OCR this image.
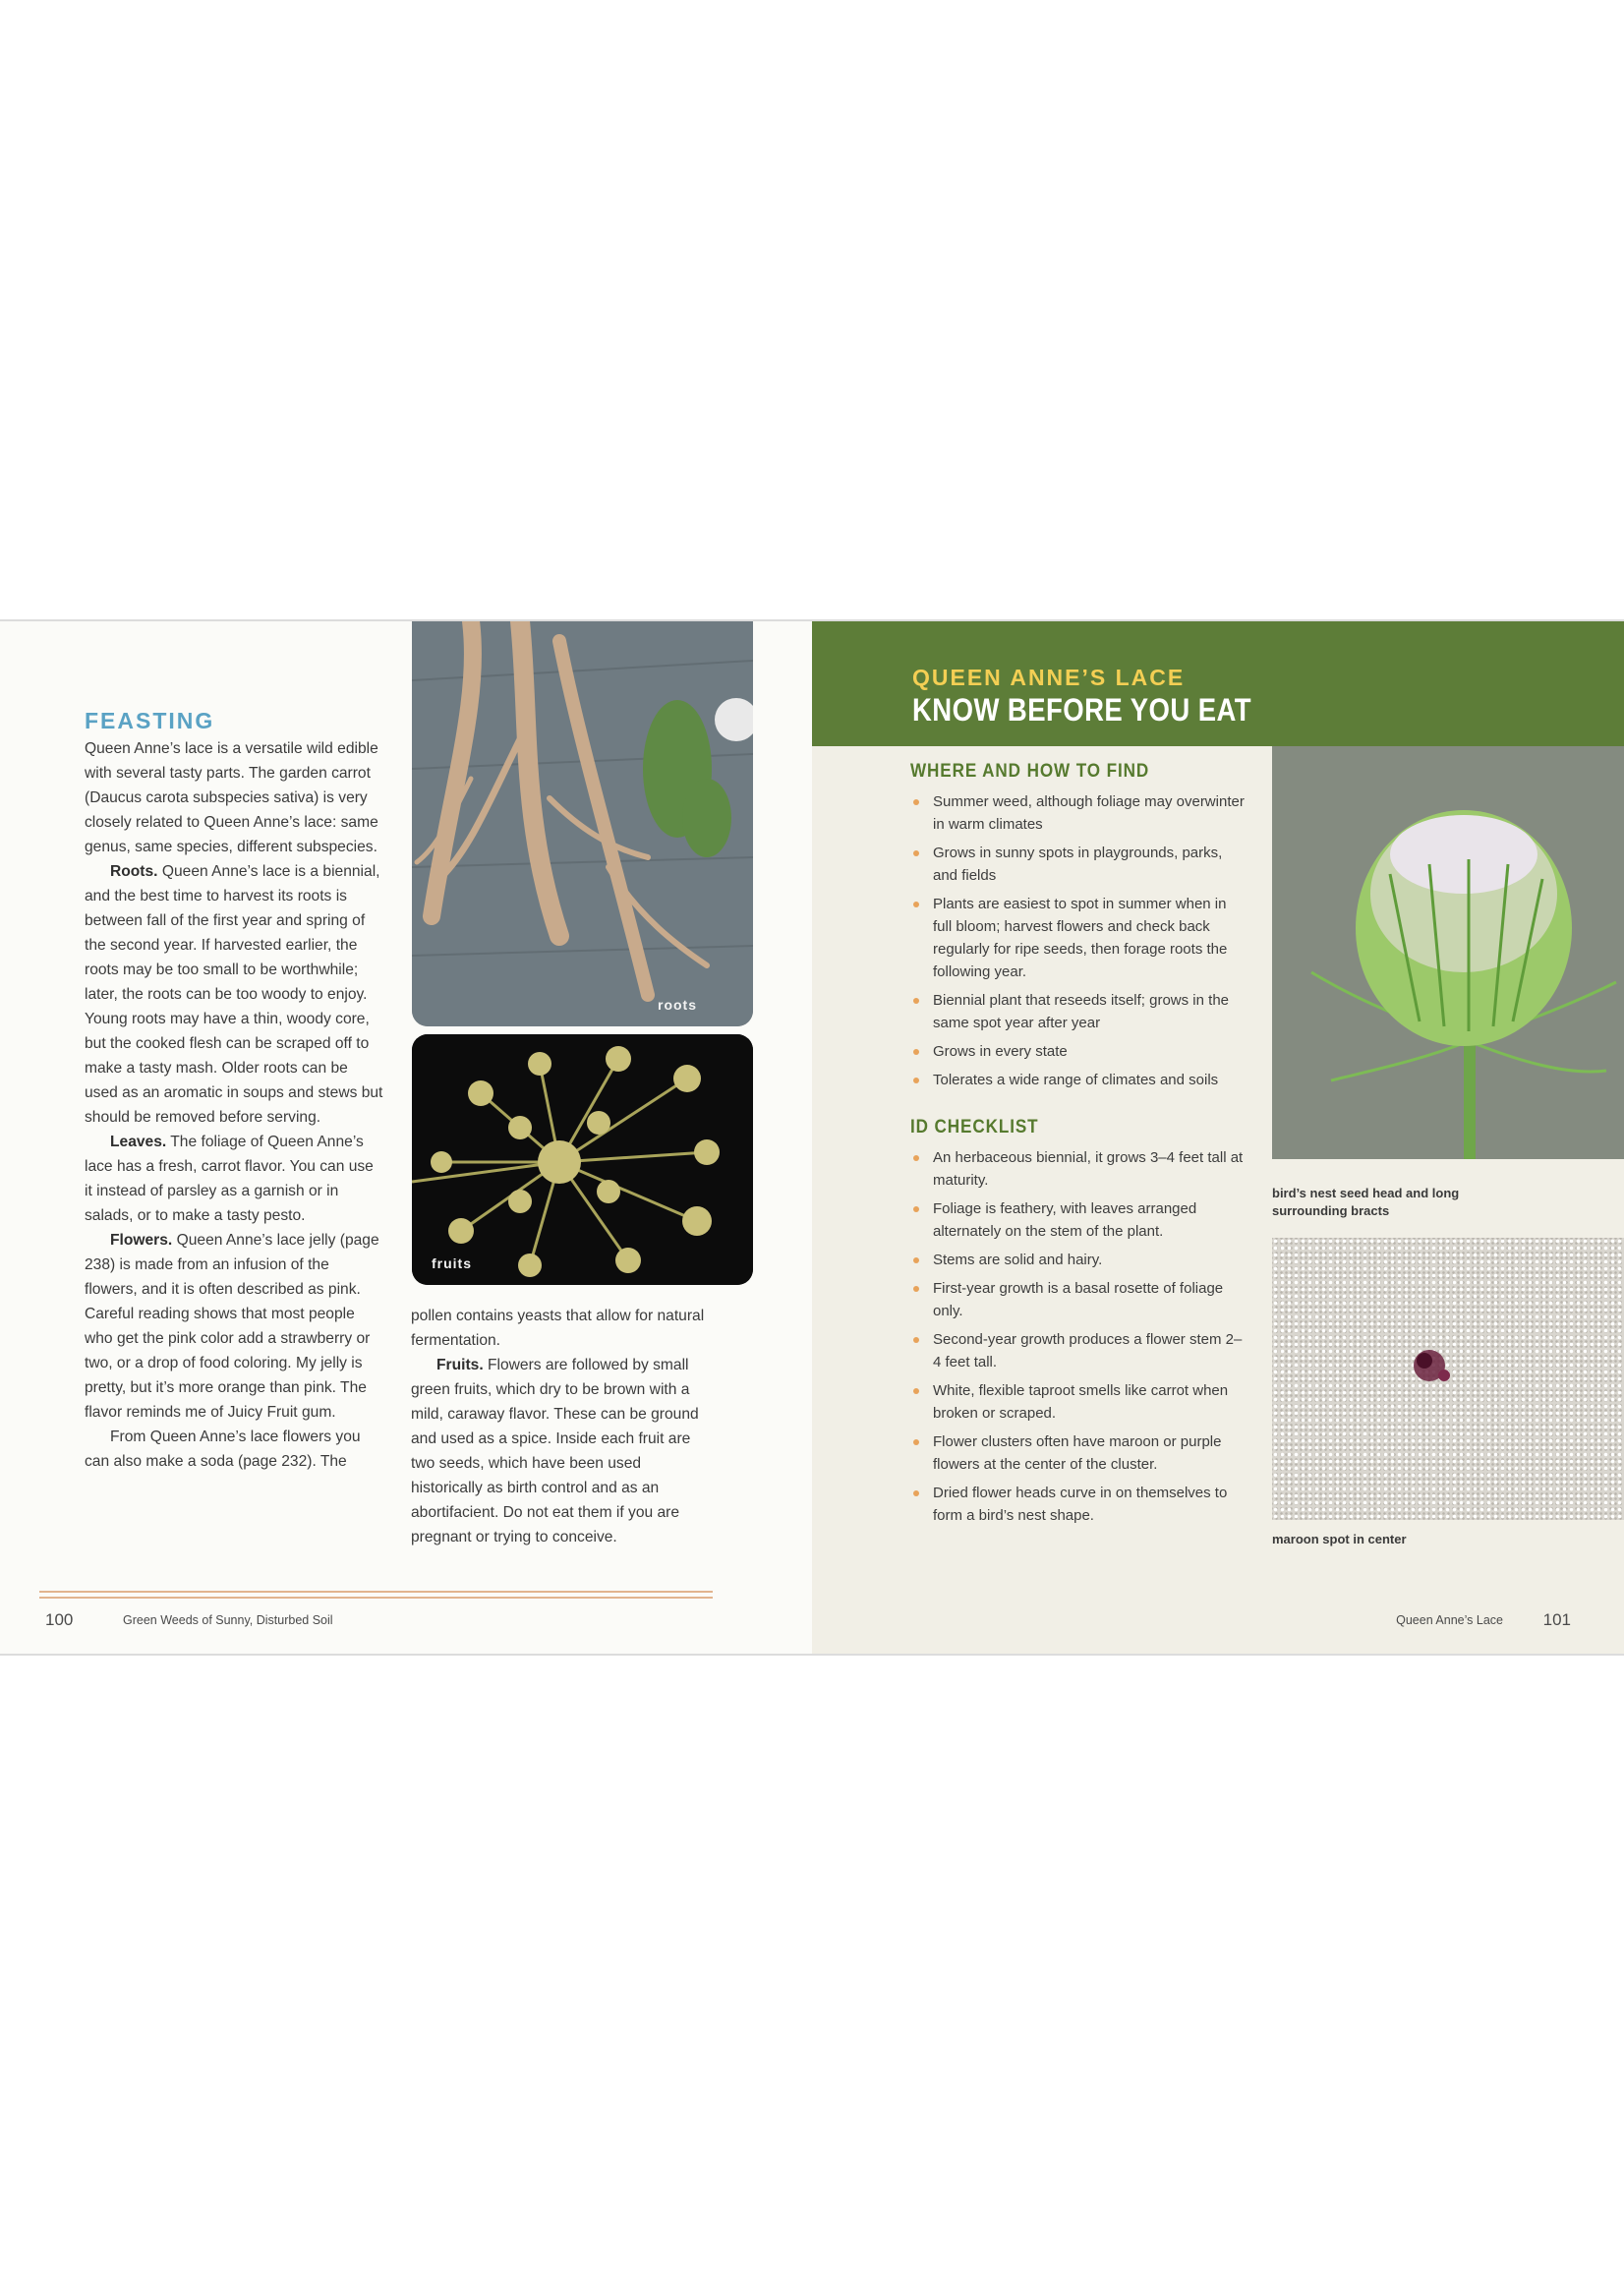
FEASTING

Queen Anne’s lace is a versatile wild edible with several tasty parts. The garden carrot (Daucus carota subspecies sativa) is very closely related to Queen Anne’s lace: same genus, same species, different subspecies.

Roots. Queen Anne’s lace is a biennial, and the best time to harvest its roots is between fall of the first year and spring of the second year. If harvested earlier, the roots may be too small to be worthwhile; later, the roots can be too woody to enjoy. Young roots may have a thin, woody core, but the cooked flesh can be scraped off to make a tasty mash. Older roots can be used as an aromatic in soups and stews but should be removed before serving.

Leaves. The foliage of Queen Anne’s lace has a fresh, carrot flavor. You can use it instead of parsley as a garnish or in salads, or to make a tasty pesto.

Flowers. Queen Anne’s lace jelly (page 238) is made from an infusion of the flowers, and it is often described as pink. Careful reading shows that most people who get the pink color add a strawberry or two, or a drop of food coloring. My jelly is pretty, but it’s more orange than pink. The flavor reminds me of Juicy Fruit gum.

From Queen Anne’s lace flowers you can also make a soda (page 232). The

roots
fruits

pollen contains yeasts that allow for natural fermentation.

Fruits. Flowers are followed by small green fruits, which dry to be brown with a mild, caraway flavor. These can be ground and used as a spice. Inside each fruit are two seeds, which have been used historically as birth control and as an abortifacient. Do not eat them if you are pregnant or trying to conceive.

100	Green Weeds of Sunny, Disturbed Soil
QUEEN ANNE’S LACE
KNOW BEFORE YOU EAT
WHERE AND HOW TO FIND
Summer weed, although foliage may overwinter in warm climates
Grows in sunny spots in playgrounds, parks, and fields
Plants are easiest to spot in summer when in full bloom; harvest flowers and check back regularly for ripe seeds, then forage roots the following year.
Biennial plant that reseeds itself; grows in the same spot year after year
Grows in every state
Tolerates a wide range of climates and soils
ID CHECKLIST
An herbaceous biennial, it grows 3–4 feet tall at maturity.
Foliage is feathery, with leaves arranged alternately on the stem of the plant.
Stems are solid and hairy.
First-year growth is a basal rosette of foliage only.
Second-year growth produces a flower stem 2–4 feet tall.
White, flexible taproot smells like carrot when broken or scraped.
Flower clusters often have maroon or purple flowers at the center of the cluster.
Dried flower heads curve in on themselves to form a bird’s nest shape.
bird’s nest seed head and long surrounding bracts
maroon spot in center
Queen Anne’s Lace 101
